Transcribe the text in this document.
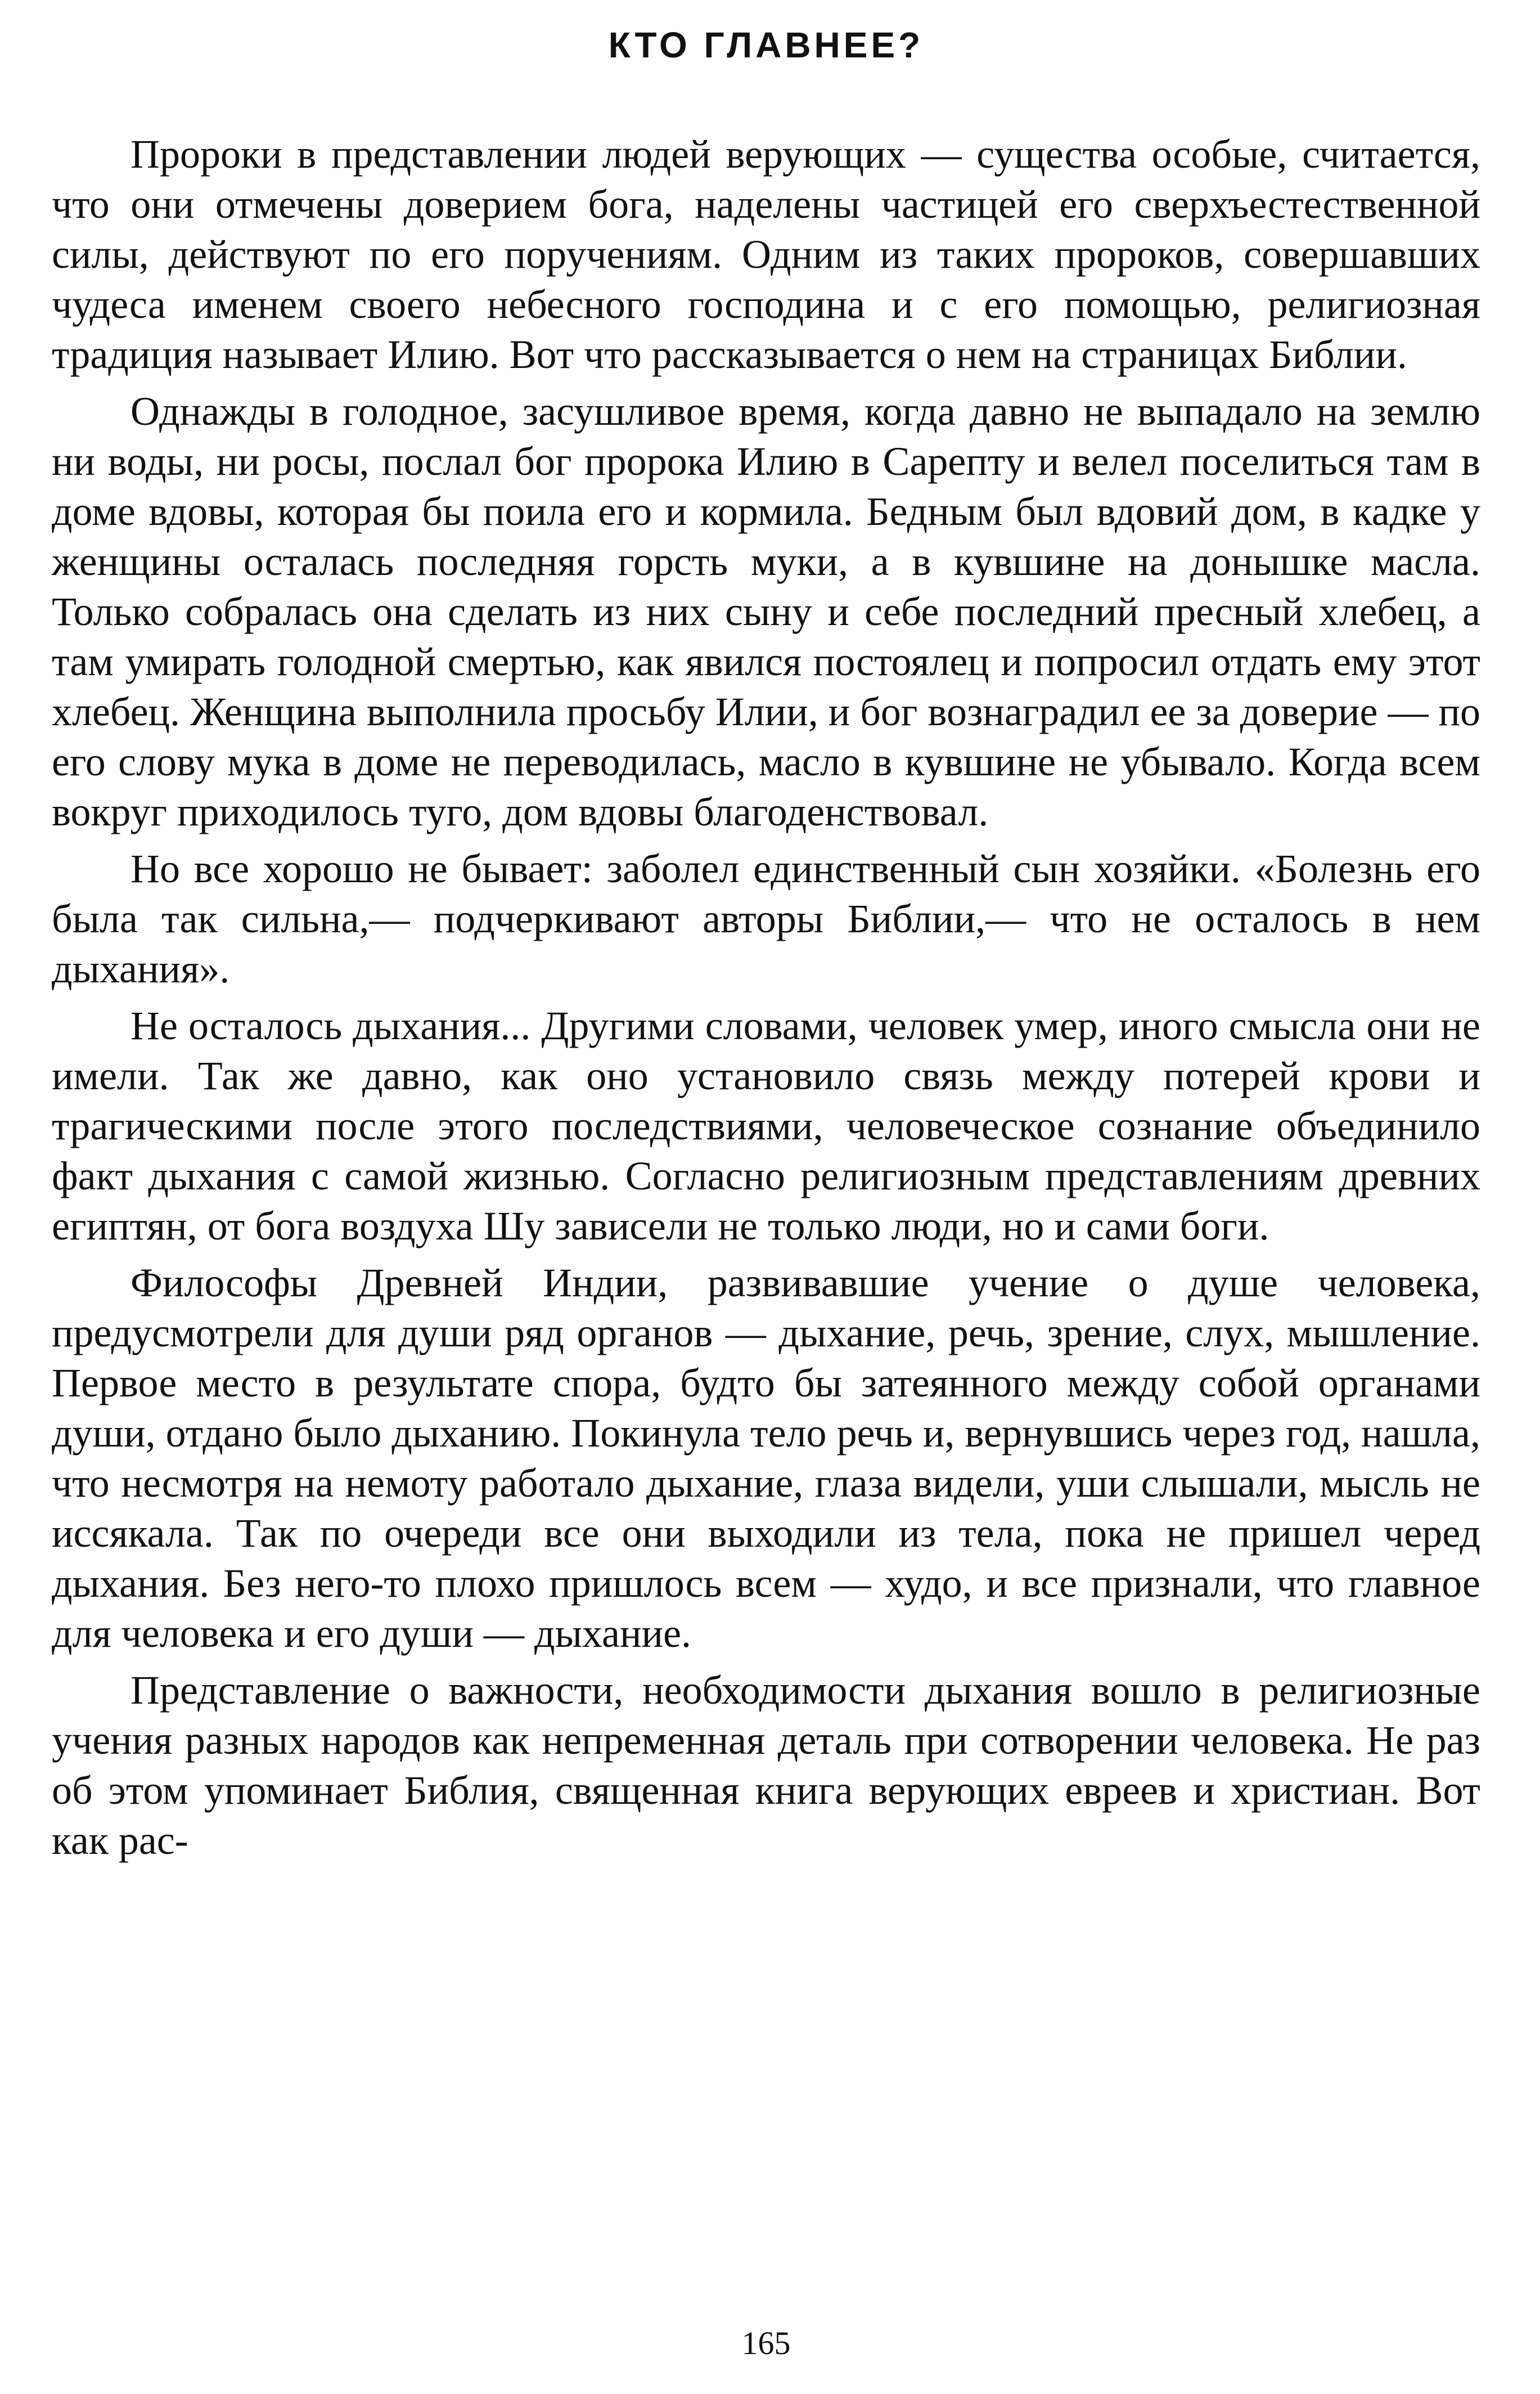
КТО ГЛАВНЕЕ?

Пророки в представлении людей верующих — существа особые, считается, что они отмечены доверием бога, наделены частицей его сверхъестественной силы, действуют по его поручениям. Одним из таких пророков, совершавших чудеса именем своего небесного господина и с его помощью, религиозная традиция называет Илию. Вот что рассказывается о нем на страницах Библии.

Однажды в голодное, засушливое время, когда давно не выпадало на землю ни воды, ни росы, послал бог пророка Илию в Сарепту и велел поселиться там в доме вдовы, которая бы поила его и кормила. Бедным был вдовий дом, в кадке у женщины осталась последняя горсть муки, а в кувшине на донышке масла. Только собралась она сделать из них сыну и себе последний пресный хлебец, а там умирать голодной смертью, как явился постоялец и попросил отдать ему этот хлебец. Женщина выполнила просьбу Илии, и бог вознаградил ее за доверие — по его слову мука в доме не переводилась, масло в кувшине не убывало. Когда всем вокруг приходилось туго, дом вдовы благоденствовал.

Но все хорошо не бывает: заболел единственный сын хозяйки. «Болезнь его была так сильна,— подчеркивают авторы Библии,— что не осталось в нем дыхания».

Не осталось дыхания... Другими словами, человек умер, иного смысла они не имели. Так же давно, как оно установило связь между потерей крови и трагическими после этого последствиями, человеческое сознание объединило факт дыхания с самой жизнью. Согласно религиозным представлениям древних египтян, от бога воздуха Шу зависели не только люди, но и сами боги.

Философы Древней Индии, развивавшие учение о душе человека, предусмотрели для души ряд органов — дыхание, речь, зрение, слух, мышление. Первое место в результате спора, будто бы затеянного между собой органами души, отдано было дыханию. Покинула тело речь и, вернувшись через год, нашла, что несмотря на немоту работало дыхание, глаза видели, уши слышали, мысль не иссякала. Так по очереди все они выходили из тела, пока не пришел черед дыхания. Без него-то плохо пришлось всем — худо, и все признали, что главное для человека и его души — дыхание.

Представление о важности, необходимости дыхания вошло в религиозные учения разных народов как непременная деталь при сотворении человека. Не раз об этом упоминает Библия, священная книга верующих евреев и христиан. Вот как рас-

165
